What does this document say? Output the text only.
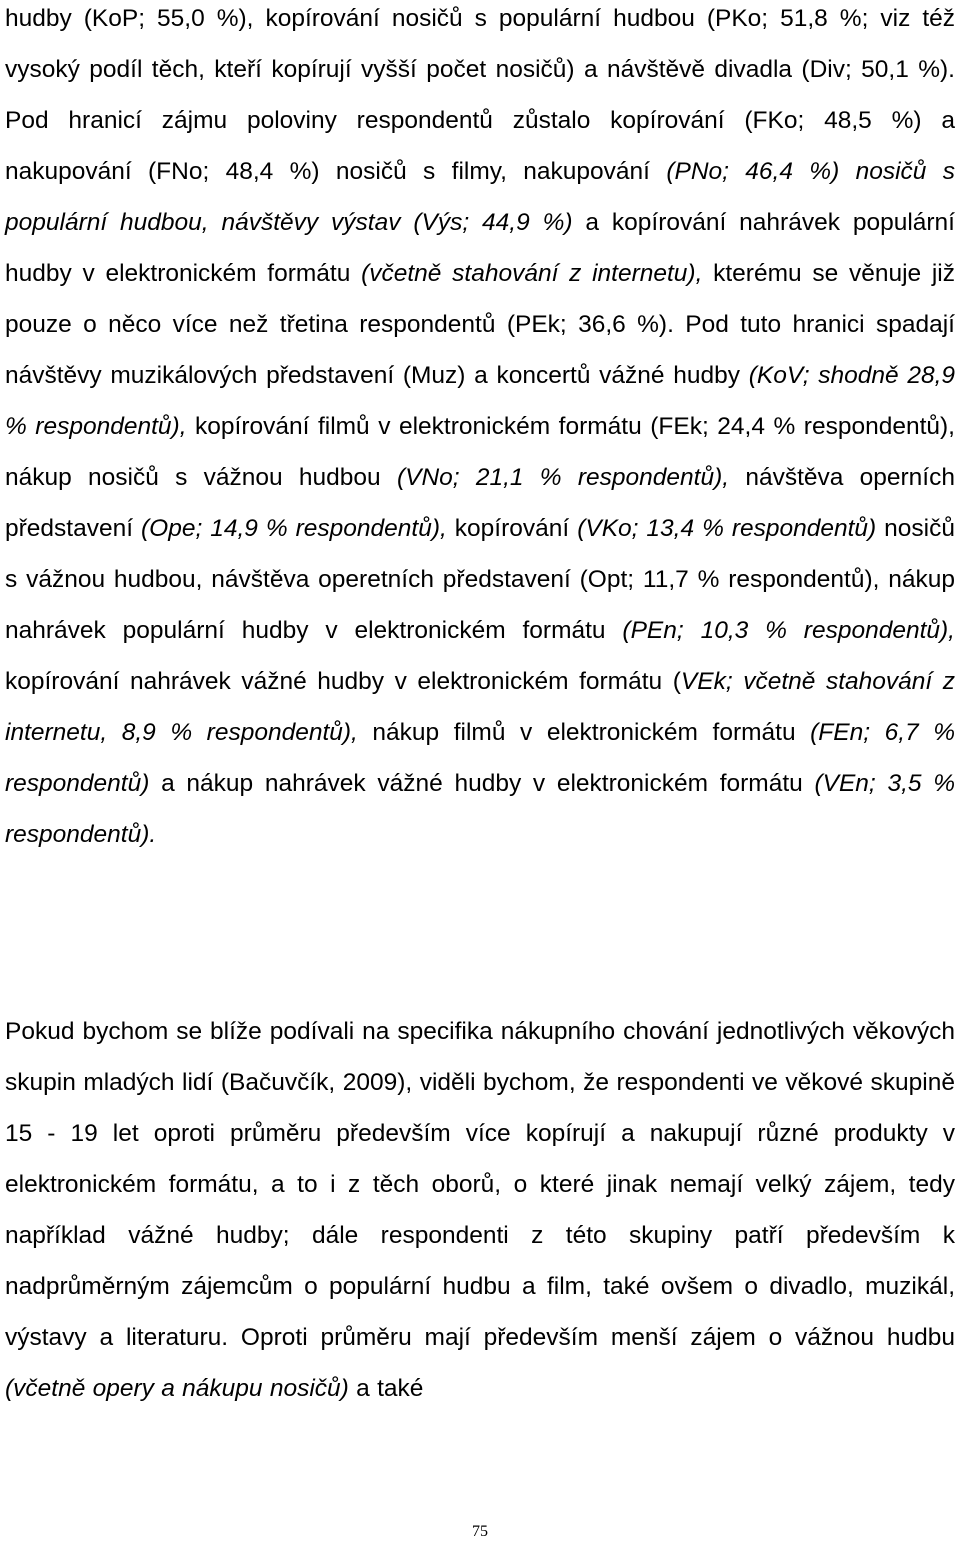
hudby (KoP; 55,0 %), kopírování nosičů s populární hudbou (PKo; 51,8 %; viz též vysoký podíl těch, kteří kopírují vyšší počet nosičů) a návštěvě divadla (Div; 50,1 %). Pod hranicí zájmu poloviny respondentů zůstalo kopírování (FKo; 48,5 %) a nakupování (FNo; 48,4 %) nosičů s filmy, nakupování (PNo; 46,4 %) nosičů s populární hudbou, návštěvy výstav (Výs; 44,9 %) a kopírování nahrávek populární hudby v elektronickém formátu (včetně stahování z internetu), kterému se věnuje již pouze o něco více než třetina respondentů (PEk; 36,6 %). Pod tuto hranici spadají návštěvy muzikálových představení (Muz) a koncertů vážné hudby (KoV; shodně 28,9 % respondentů), kopírování filmů v elektronickém formátu (FEk; 24,4 % respondentů), nákup nosičů s vážnou hudbou (VNo; 21,1 % respondentů), návštěva operních představení (Ope; 14,9 % respondentů), kopírování (VKo; 13,4 % respondentů) nosičů s vážnou hudbou, návštěva operetních představení (Opt; 11,7 % respondentů), nákup nahrávek populární hudby v elektronickém formátu (PEn; 10,3 % respondentů), kopírování nahrávek vážné hudby v elektronickém formátu (VEk; včetně stahování z internetu, 8,9 % respondentů), nákup filmů v elektronickém formátu (FEn; 6,7 % respondentů) a nákup nahrávek vážné hudby v elektronickém formátu (VEn; 3,5 % respondentů).

Pokud bychom se blíže podívali na specifika nákupního chování jednotlivých věkových skupin mladých lidí (Bačuvčík, 2009), viděli bychom, že respondenti ve věkové skupině 15 - 19 let oproti průměru především více kopírují a nakupují různé produkty v elektronickém formátu, a to i z těch oborů, o které jinak nemají velký zájem, tedy například vážné hudby; dále respondenti z této skupiny patří především k nadprůměrným zájemcům o populární hudbu a film, také ovšem o divadlo, muzikál, výstavy a literaturu. Oproti průměru mají především menší zájem o vážnou hudbu (včetně opery a nákupu nosičů) a také

75
